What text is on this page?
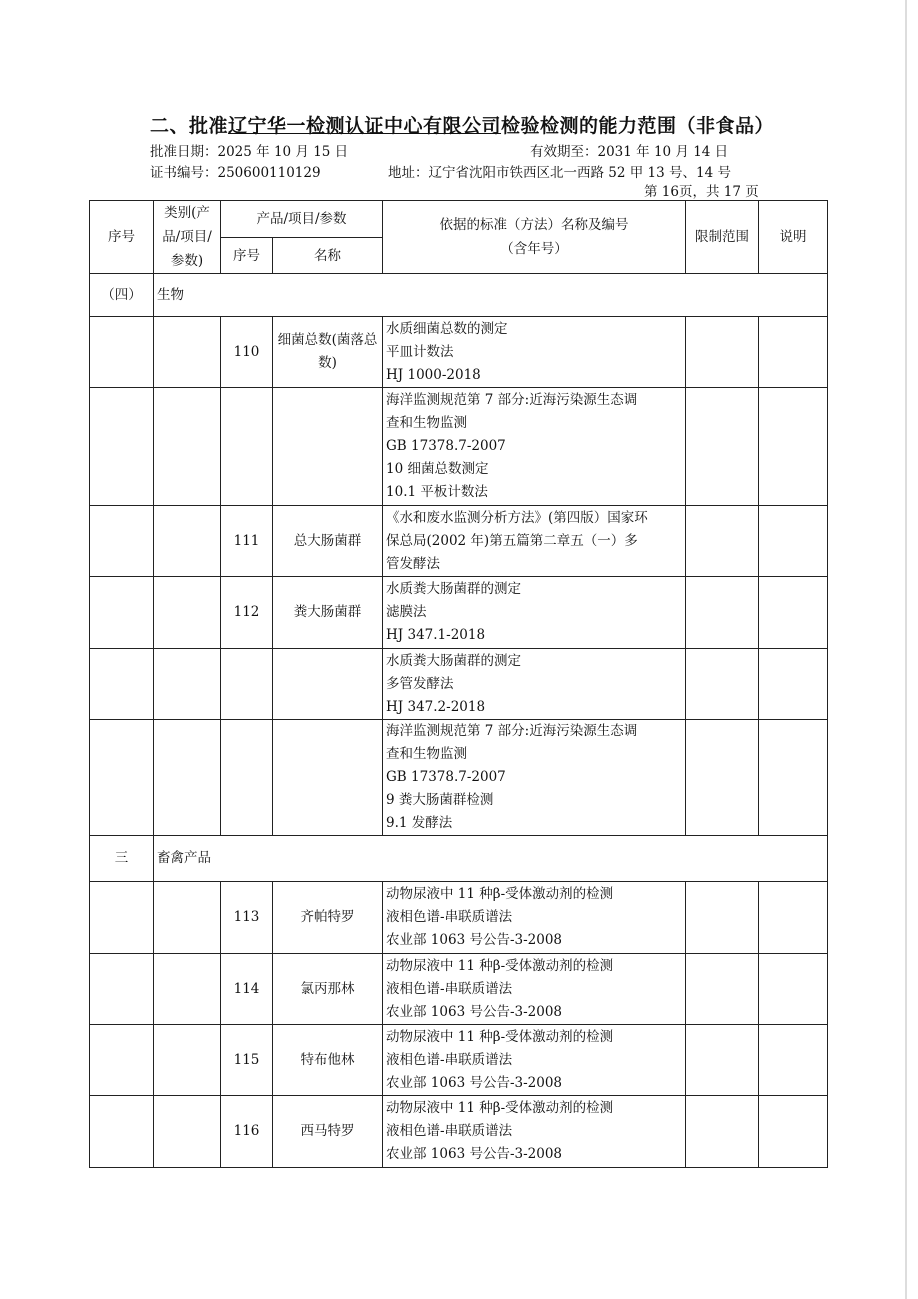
二、批准辽宁华一检测认证中心有限公司检验检测的能力范围（非食品）
批准日期：2025 年 10 月 15 日	有效期至：2031 年 10 月 14 日
证书编号：250600110129	地址：辽宁省沈阳市铁西区北一西路 52 甲 13 号、14 号
第 16页，共 17 页
序号	类别(产品/项目/参数)	产品/项目/参数		依据的标准（方法）名称及编号（含年号）	限制范围	说明
		序号	名称			
（四）	生物					
		110	细菌总数(菌落总数)	水质细菌总数的测定
平皿计数法
HJ 1000-2018		

				海洋监测规范第 7 部分:近海污染源生态调
查和生物监测
GB 17378.7-2007
10 细菌总数测定
10.1 平板计数法		

		111	总大肠菌群	《水和废水监测分析方法》(第四版）国家环
保总局(2002 年)第五篇第二章五（一）多
管发酵法		

		112	粪大肠菌群	水质粪大肠菌群的测定
滤膜法
HJ 347.1-2018		

				水质粪大肠菌群的测定
多管发酵法
HJ 347.2-2018		

				海洋监测规范第 7 部分:近海污染源生态调
查和生物监测
GB 17378.7-2007
9 粪大肠菌群检测
9.1 发酵法		

三	畜禽产品					
		113	齐帕特罗	动物尿液中 11 种β-受体激动剂的检测
液相色谱-串联质谱法
农业部 1063 号公告-3-2008		

		114	氯丙那林	动物尿液中 11 种β-受体激动剂的检测
液相色谱-串联质谱法
农业部 1063 号公告-3-2008		

		115	特布他林	动物尿液中 11 种β-受体激动剂的检测
液相色谱-串联质谱法
农业部 1063 号公告-3-2008		

		116	西马特罗	动物尿液中 11 种β-受体激动剂的检测
液相色谱-串联质谱法
农业部 1063 号公告-3-2008		
